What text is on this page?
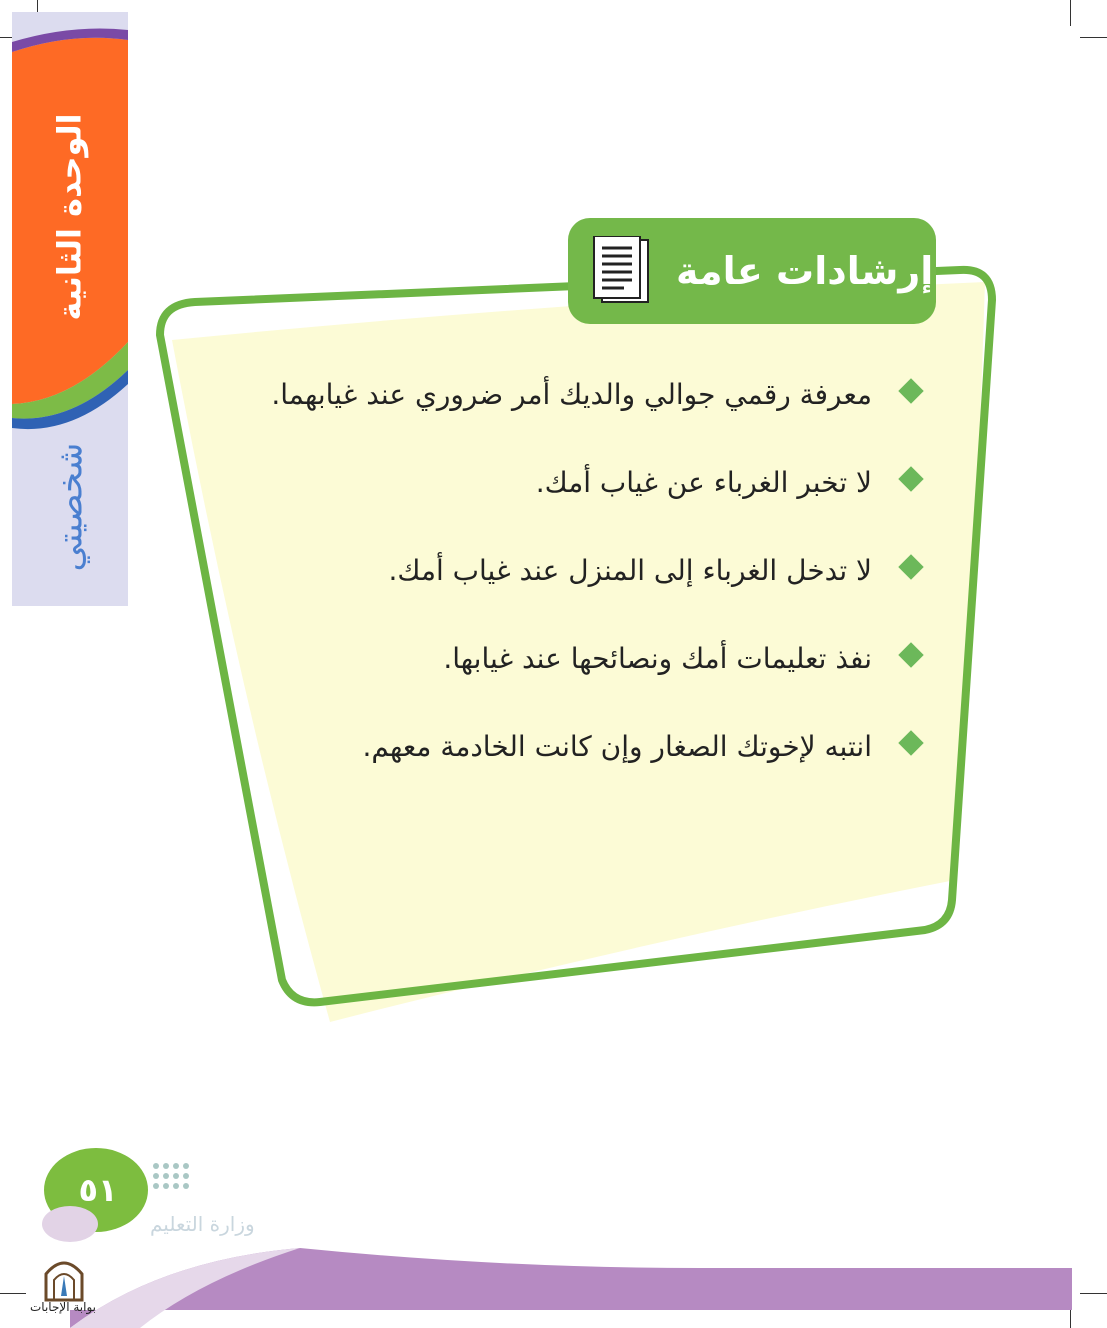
الوحدة الثانية
شخصيتي
إرشادات عامة
معرفة رقمي جوالي والديك أمر ضروري عند غيابهما.
لا تخبر الغرباء عن غياب أمك.
لا تدخل الغرباء إلى المنزل عند غياب أمك.
نفذ تعليمات أمك ونصائحها عند غيابها.
انتبه لإخوتك الصغار وإن كانت الخادمة معهم.
٥١
وزارة التعليم
بوابة الإجابات
